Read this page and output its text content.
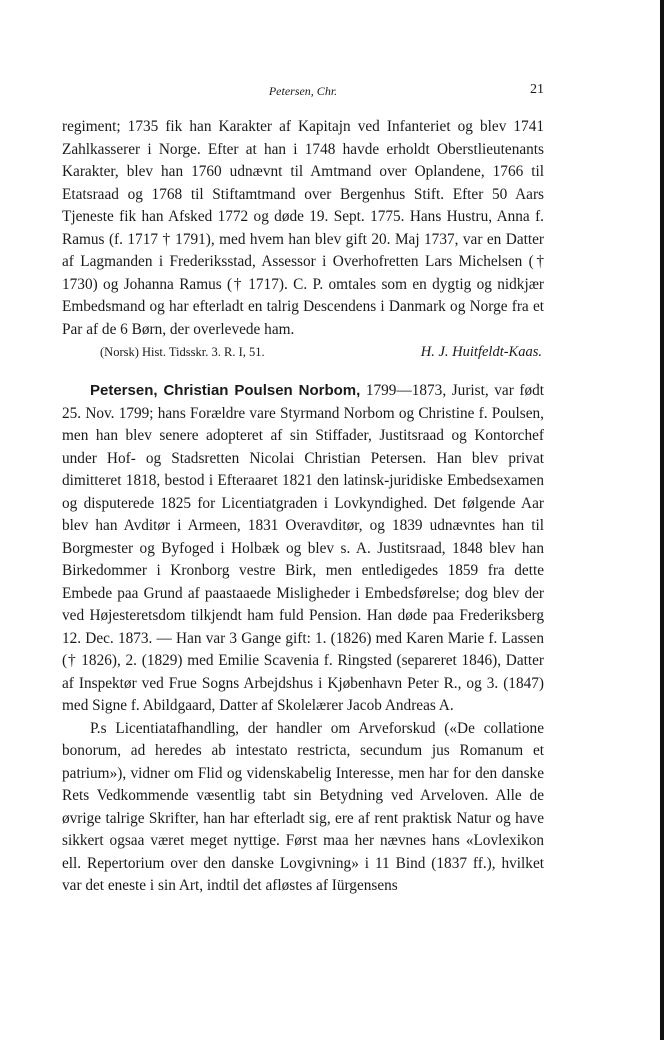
Petersen, Chr.	21

regiment; 1735 fik han Karakter af Kapitajn ved Infanteriet og blev 1741 Zahlkasserer i Norge. Efter at han i 1748 havde erholdt Oberstlieutenants Karakter, blev han 1760 udnævnt til Amtmand over Oplandene, 1766 til Etatsraad og 1768 til Stiftamtmand over Bergenhus Stift. Efter 50 Aars Tjeneste fik han Afsked 1772 og døde 19. Sept. 1775. Hans Hustru, Anna f. Ramus (f. 1717 † 1791), med hvem han blev gift 20. Maj 1737, var en Datter af Lagmanden i Frederiksstad, Assessor i Overhofretten Lars Michelsen († 1730) og Johanna Ramus († 1717). C. P. omtales som en dygtig og nidkjær Embedsmand og har efterladt en talrig Descendens i Danmark og Norge fra et Par af de 6 Børn, der overlevede ham.

(Norsk) Hist. Tidsskr. 3. R. I, 51.	H. J. Huitfeldt-Kaas.

Petersen, Christian Poulsen Norbom, 1799—1873, Jurist, var født 25. Nov. 1799; hans Forældre vare Styrmand Norbom og Christine f. Poulsen, men han blev senere adopteret af sin Stiffader, Justitsraad og Kontorchef under Hof- og Stadsretten Nicolai Christian Petersen. Han blev privat dimitteret 1818, bestod i Efteraaret 1821 den latinsk-juridiske Embedsexamen og disputerede 1825 for Licentiatgraden i Lovkyndighed. Det følgende Aar blev han Avditør i Armeen, 1831 Overavditør, og 1839 udnævntes han til Borgmester og Byfoged i Holbæk og blev s. A. Justitsraad, 1848 blev han Birkedommer i Kronborg vestre Birk, men entledigedes 1859 fra dette Embede paa Grund af paastaaede Misligheder i Embedsførelse; dog blev der ved Højesteretsdom tilkjendt ham fuld Pension. Han døde paa Frederiksberg 12. Dec. 1873. — Han var 3 Gange gift: 1. (1826) med Karen Marie f. Lassen († 1826), 2. (1829) med Emilie Scavenia f. Ringsted (separeret 1846), Datter af Inspektør ved Frue Sogns Arbejdshus i Kjøbenhavn Peter R., og 3. (1847) med Signe f. Abildgaard, Datter af Skolelærer Jacob Andreas A.

P.s Licentiatafhandling, der handler om Arveforskud («De collatione bonorum, ad heredes ab intestato restricta, secundum jus Romanum et patrium»), vidner om Flid og videnskabelig Interesse, men har for den danske Rets Vedkommende væsentlig tabt sin Betydning ved Arveloven. Alle de øvrige talrige Skrifter, han har efterladt sig, ere af rent praktisk Natur og have sikkert ogsaa været meget nyttige. Først maa her nævnes hans «Lovlexikon ell. Repertorium over den danske Lovgivning» i 11 Bind (1837 ff.), hvilket var det eneste i sin Art, indtil det afløstes af Iürgensens
